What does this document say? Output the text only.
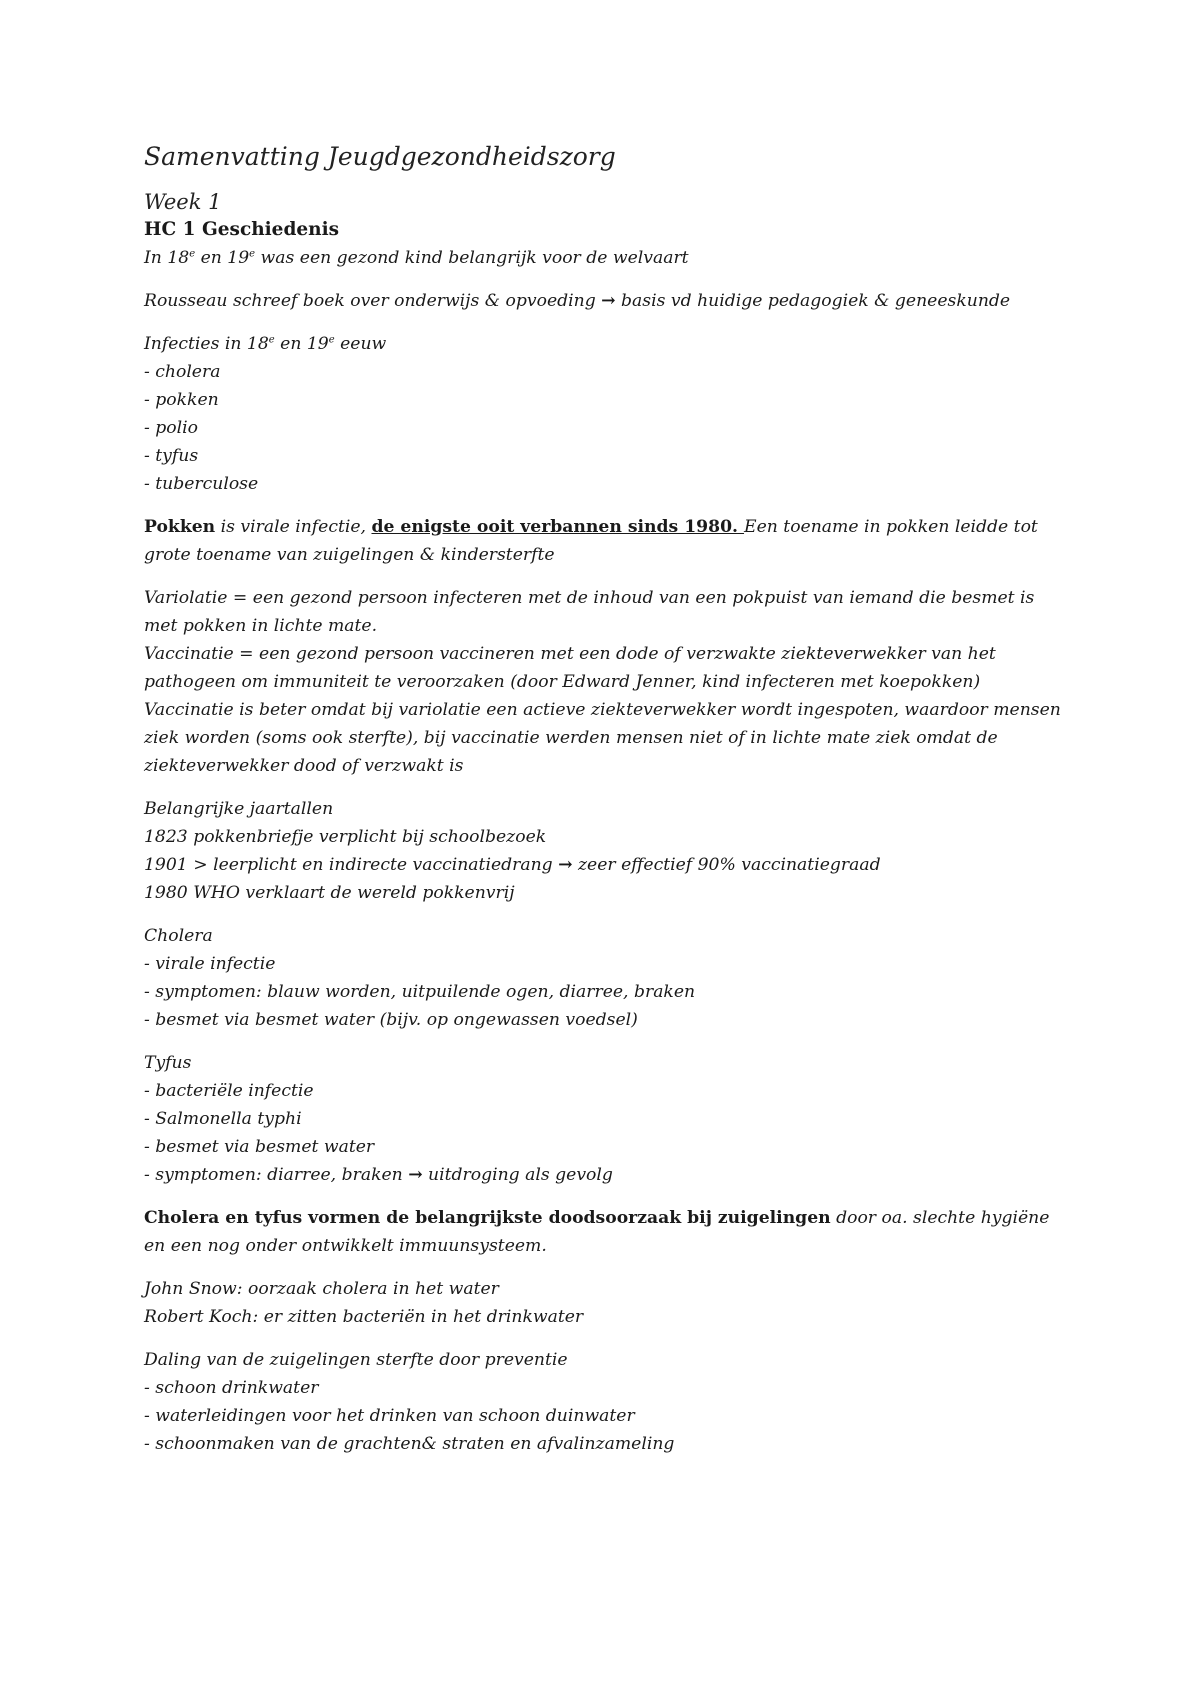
Samenvatting Jeugdgezondheidszorg
Week 1
HC 1 Geschiedenis

In 18e en 19e was een gezond kind belangrijk voor de welvaart

Rousseau schreef boek over onderwijs & opvoeding → basis vd huidige pedagogiek & geneeskunde

Infecties in 18e en 19e eeuw
- cholera
- pokken
- polio
- tyfus
- tuberculose

Pokken is virale infectie, de enigste ooit verbannen sinds 1980. Een toename in pokken leidde tot grote toename van zuigelingen & kindersterfte

Variolatie = een gezond persoon infecteren met de inhoud van een pokpuist van iemand die besmet is met pokken in lichte mate.

Vaccinatie = een gezond persoon vaccineren met een dode of verzwakte ziekteverwekker van het pathogeen om immuniteit te veroorzaken (door Edward Jenner, kind infecteren met koepokken)

Vaccinatie is beter omdat bij variolatie een actieve ziekteverwekker wordt ingespoten, waardoor mensen ziek worden (soms ook sterfte), bij vaccinatie werden mensen niet of in lichte mate ziek omdat de ziekteverwekker dood of verzwakt is

Belangrijke jaartallen
1823 pokkenbriefje verplicht bij schoolbezoek
1901 > leerplicht en indirecte vaccinatiedrang → zeer effectief 90% vaccinatiegraad
1980 WHO verklaart de wereld pokkenvrij
Cholera
- virale infectie
- symptomen: blauw worden, uitpuilende ogen, diarree, braken
- besmet via besmet water (bijv. op ongewassen voedsel)
Tyfus
- bacteriële infectie
- Salmonella typhi
- besmet via besmet water
- symptomen: diarree, braken → uitdroging als gevolg

Cholera en tyfus vormen de belangrijkste doodsoorzaak bij zuigelingen door oa. slechte hygiëne en een nog onder ontwikkelt immuunsysteem.

John Snow: oorzaak cholera in het water
Robert Koch: er zitten bacteriën in het drinkwater
Daling van de zuigelingen sterfte door preventie
- schoon drinkwater
- waterleidingen voor het drinken van schoon duinwater
- schoonmaken van de grachten& straten en afvalinzameling
